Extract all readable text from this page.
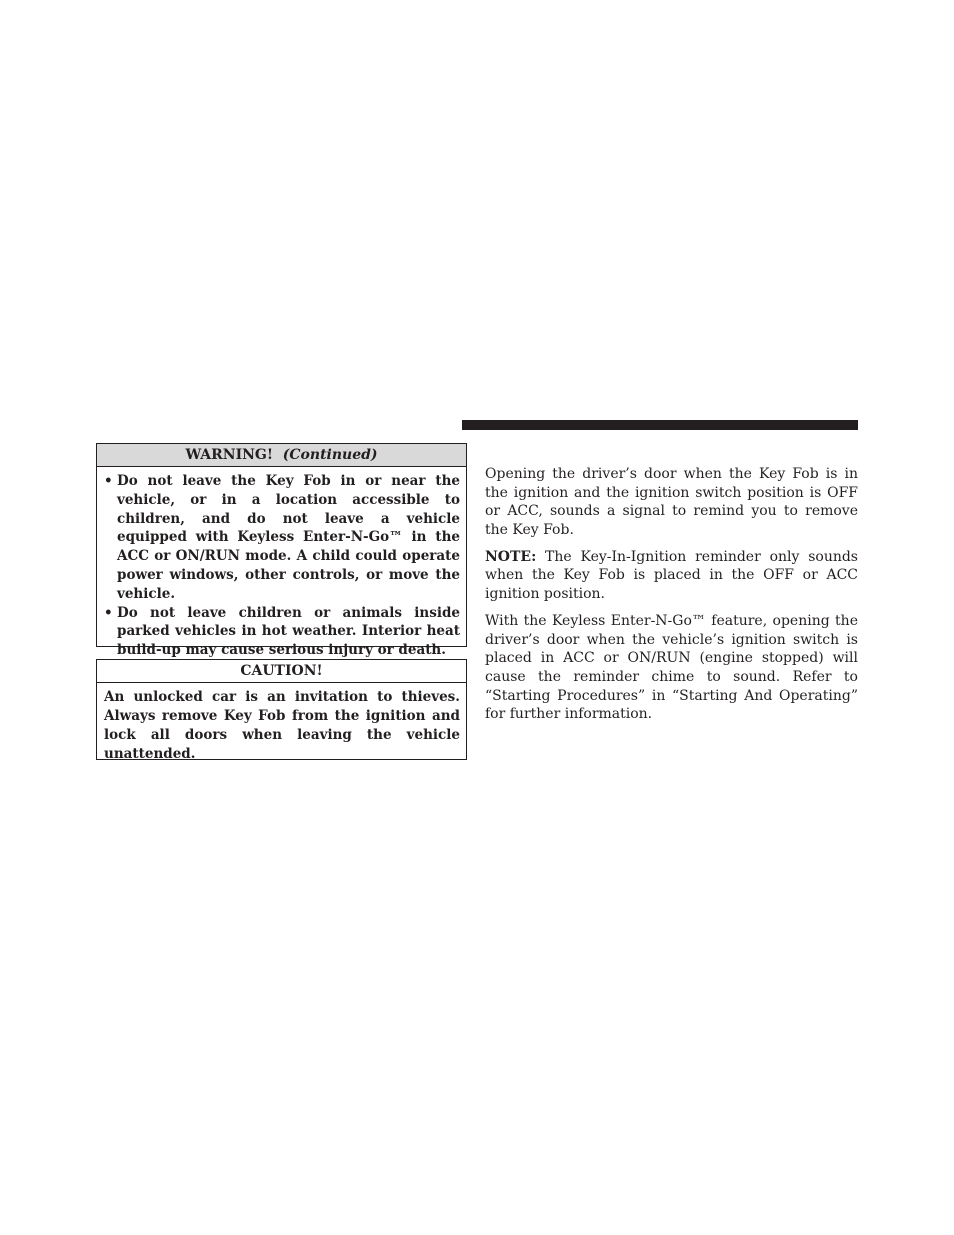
WARNING! (Continued)
• Do not leave the Key Fob in or near the vehicle, or in a location accessible to children, and do not leave a vehicle equipped with Keyless Enter-N-Go™ in the ACC or ON/RUN mode. A child could operate power windows, other controls, or move the vehicle.
• Do not leave children or animals inside parked vehicles in hot weather. Interior heat build-up may cause serious injury or death.
CAUTION!
An unlocked car is an invitation to thieves. Always remove Key Fob from the ignition and lock all doors when leaving the vehicle unattended.

Opening the driver’s door when the Key Fob is in the ignition and the ignition switch position is OFF or ACC, sounds a signal to remind you to remove the Key Fob.

NOTE: The Key-In-Ignition reminder only sounds when the Key Fob is placed in the OFF or ACC ignition position.

With the Keyless Enter-N-Go™ feature, opening the driver’s door when the vehicle’s ignition switch is placed in ACC or ON/RUN (engine stopped) will cause the reminder chime to sound. Refer to “Starting Procedures” in “Starting And Operating” for further information.
